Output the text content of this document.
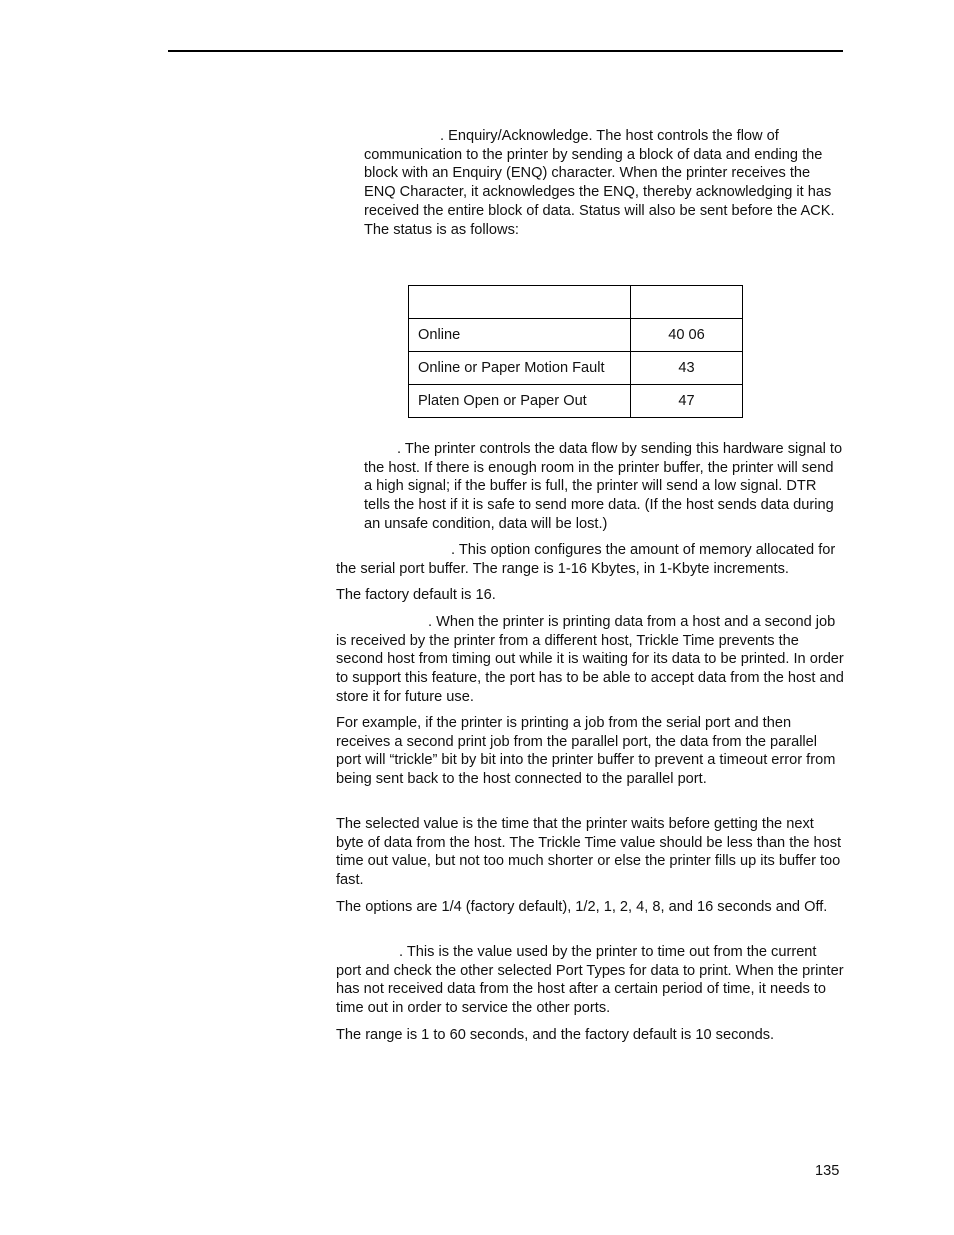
. Enquiry/Acknowledge. The host controls the flow of communication to the printer by sending a block of data and ending the block with an Enquiry (ENQ) character. When the printer receives the ENQ Character, it acknowledges the ENQ, thereby acknowledging it has received the entire block of data. Status will also be sent before the ACK. The status is as follows:

Online	40 06
Online or Paper Motion Fault	43
Platen Open or Paper Out	47

. The printer controls the data flow by sending this hardware signal to the host. If there is enough room in the printer buffer, the printer will send a high signal; if the buffer is full, the printer will send a low signal. DTR tells the host if it is safe to send more data. (If the host sends data during an unsafe condition, data will be lost.)

. This option configures the amount of memory allocated for the serial port buffer. The range is 1-16 Kbytes, in 1-Kbyte increments.

The factory default is 16.

. When the printer is printing data from a host and a second job is received by the printer from a different host, Trickle Time prevents the second host from timing out while it is waiting for its data to be printed. In order to support this feature, the port has to be able to accept data from the host and store it for future use.

For example, if the printer is printing a job from the serial port and then receives a second print job from the parallel port, the data from the parallel port will “trickle” bit by bit into the printer buffer to prevent a timeout error from being sent back to the host connected to the parallel port.

The selected value is the time that the printer waits before getting the next byte of data from the host. The Trickle Time value should be less than the host time out value, but not too much shorter or else the printer fills up its buffer too fast.

The options are 1/4 (factory default), 1/2, 1, 2, 4, 8, and 16 seconds and Off.

. This is the value used by the printer to time out from the current port and check the other selected Port Types for data to print. When the printer has not received data from the host after a certain period of time, it needs to time out in order to service the other ports.

The range is 1 to 60 seconds, and the factory default is 10 seconds.

135
